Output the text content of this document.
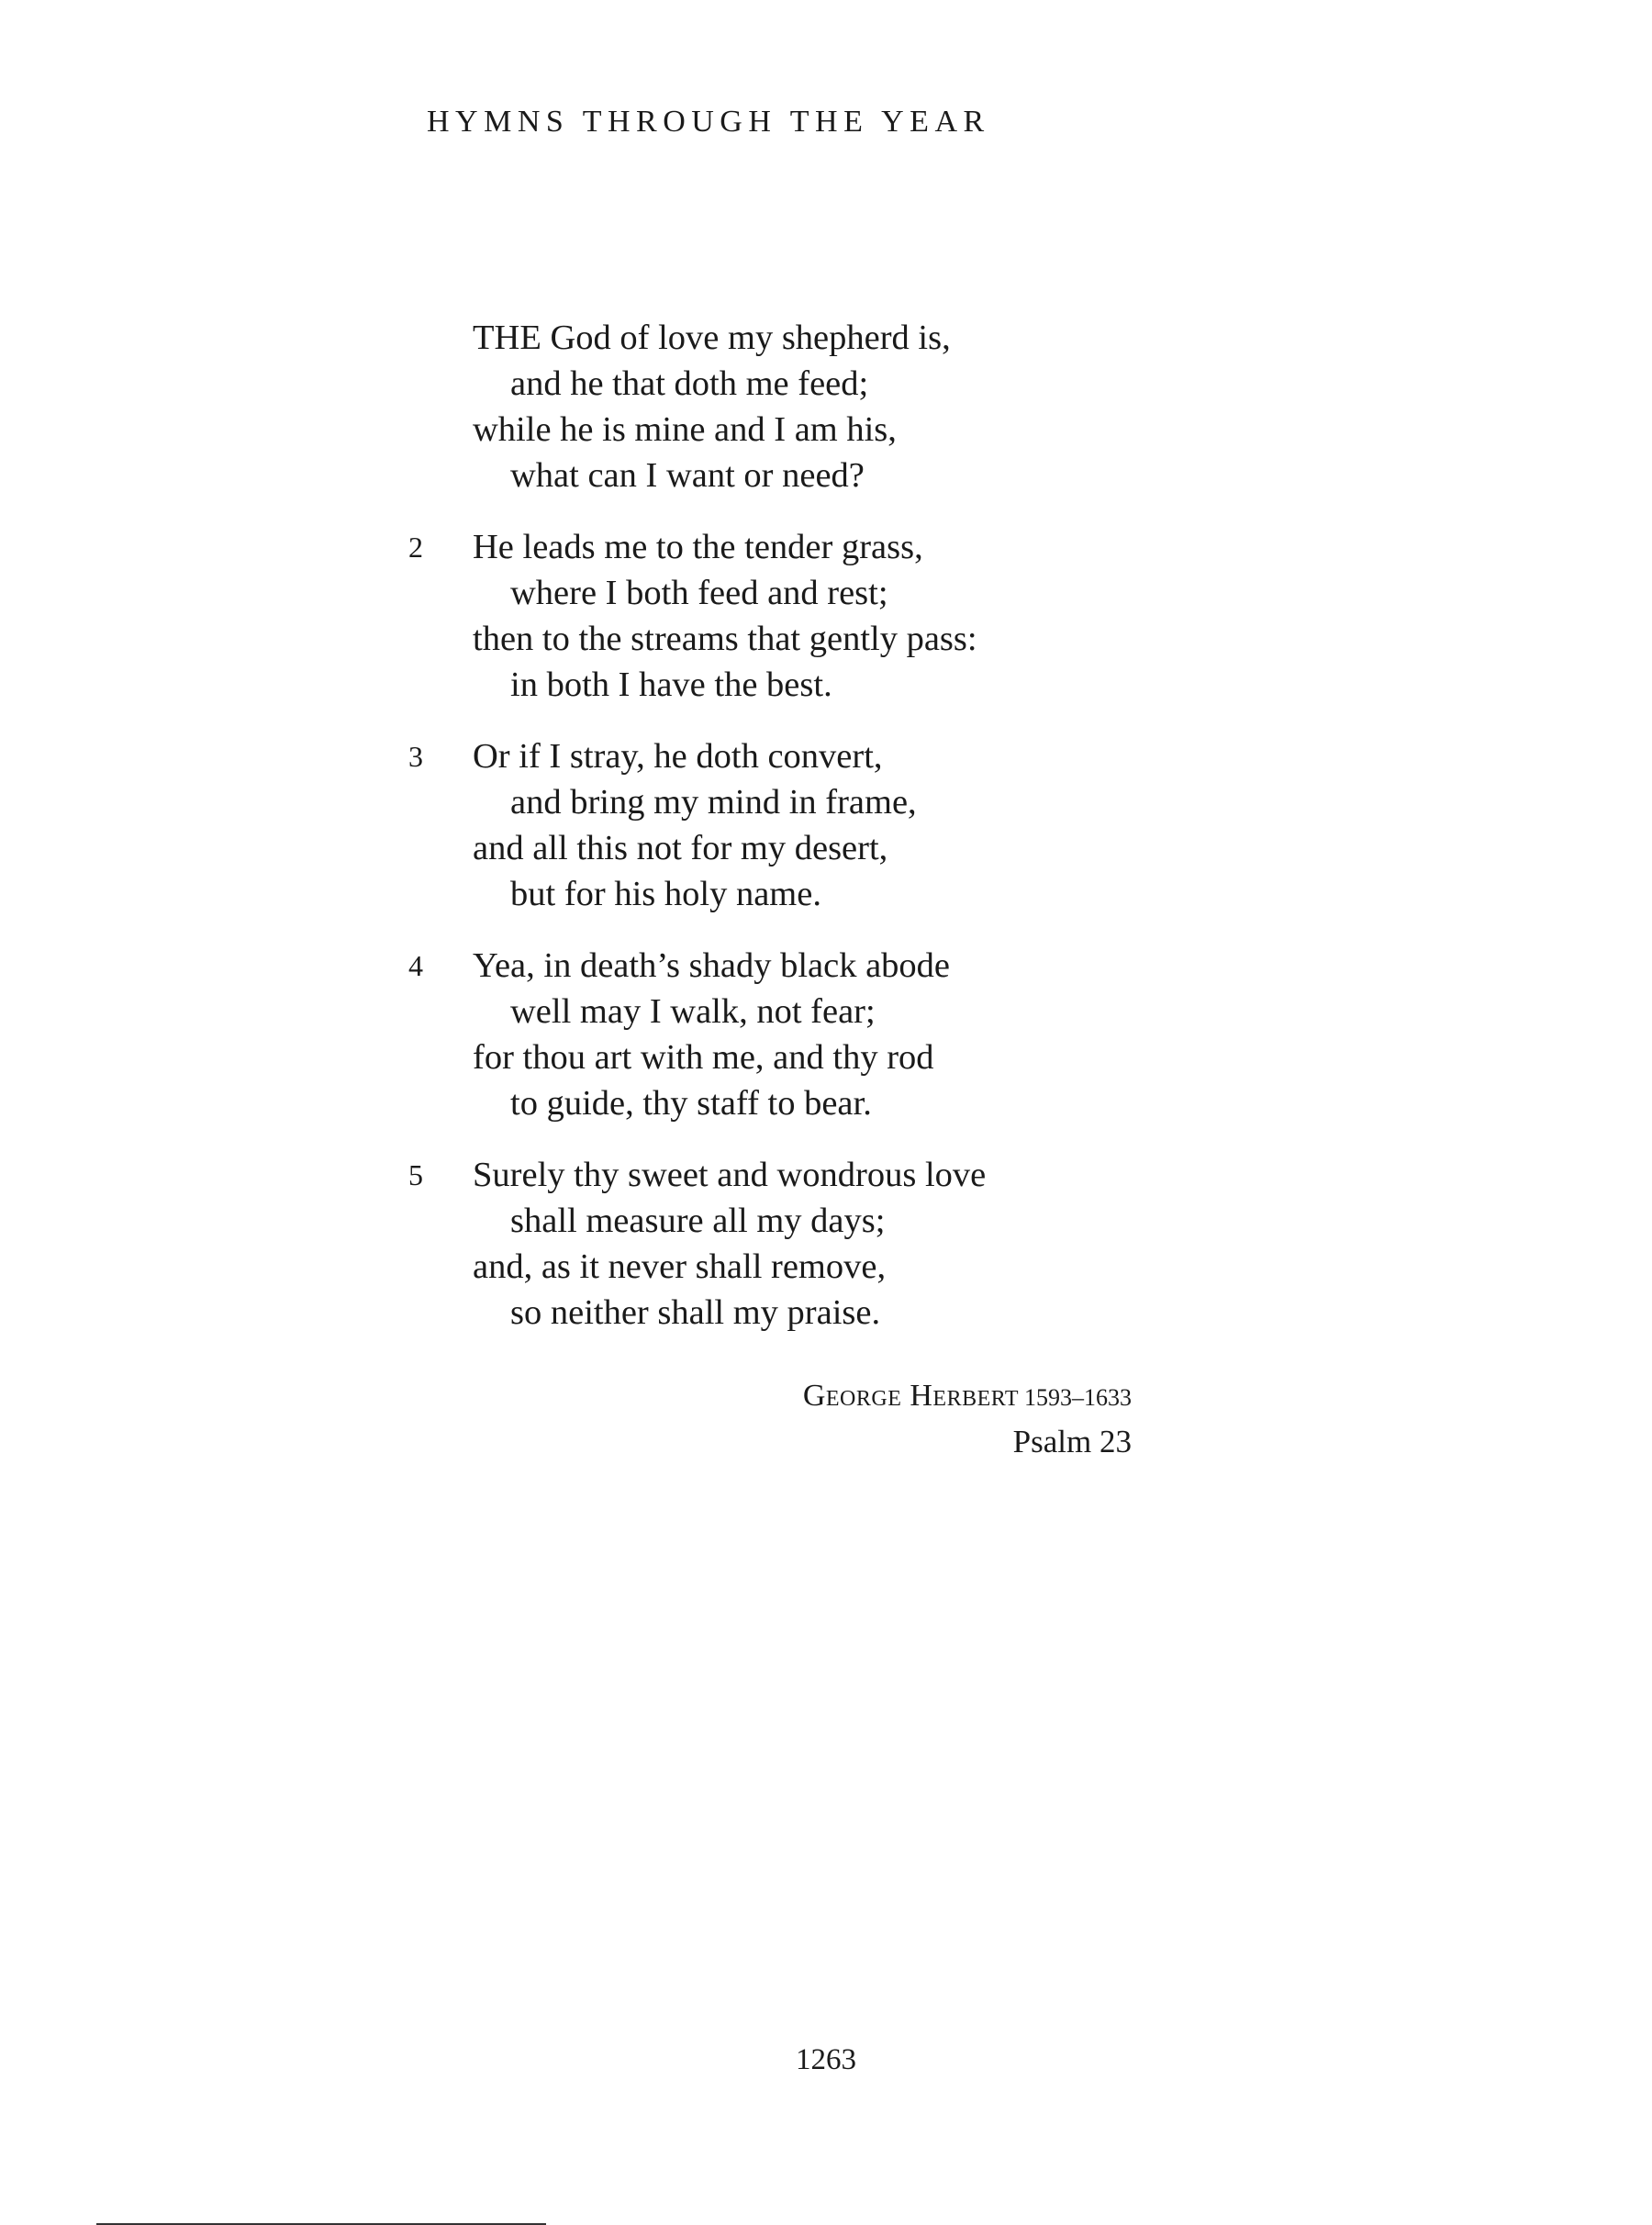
HYMNS THROUGH THE YEAR
THE God of love my shepherd is,
and he that doth me feed;
while he is mine and I am his,
what can I want or need?
2	He leads me to the tender grass,
where I both feed and rest;
then to the streams that gently pass:
in both I have the best.
3	Or if I stray, he doth convert,
and bring my mind in frame,
and all this not for my desert,
but for his holy name.
4	Yea, in death’s shady black abode
well may I walk, not fear;
for thou art with me, and thy rod
to guide, thy staff to bear.
5	Surely thy sweet and wondrous love
shall measure all my days;
and, as it never shall remove,
so neither shall my praise.
George Herbert 1593–1633
Psalm 23
1263
